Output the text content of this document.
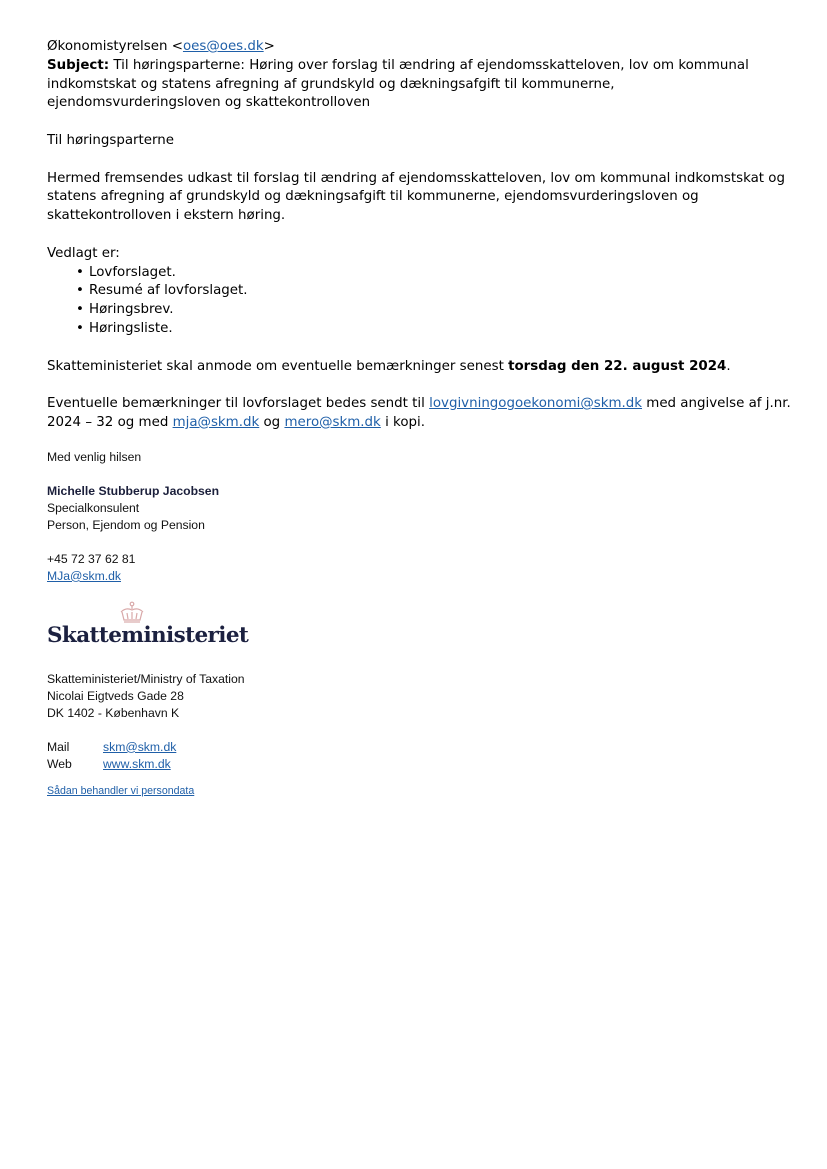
Økonomistyrelsen <oes@oes.dk>

Subject: Til høringsparterne: Høring over forslag til ændring af ejendomsskatteloven, lov om kommunal indkomstskat og statens afregning af grundskyld og dækningsafgift til kommunerne, ejendomsvurderingsloven og skattekontrolloven

Til høringsparterne

Hermed fremsendes udkast til forslag til ændring af ejendomsskatteloven, lov om kommunal indkomstskat og statens afregning af grundskyld og dækningsafgift til kommunerne, ejendomsvurderingsloven og skattekontrolloven i ekstern høring.

Vedlagt er:

• Lovforslaget.
• Resumé af lovforslaget.
• Høringsbrev.
• Høringsliste.

Skatteministeriet skal anmode om eventuelle bemærkninger senest torsdag den 22. august 2024.

Eventuelle bemærkninger til lovforslaget bedes sendt til lovgivningogoekonomi@skm.dk med angivelse af j.nr. 2024 – 32 og med mja@skm.dk og mero@skm.dk i kopi.

Med venlig hilsen

Michelle Stubberup Jacobsen

Specialkonsulent

Person, Ejendom og Pension

+45 72 37 62 81

MJa@skm.dk

Skatteministeriet

Skatteministeriet/Ministry of Taxation

Nicolai Eigtveds Gade 28

DK 1402 - København K

Mail	skm@skm.dk
Web	www.skm.dk

Sådan behandler vi persondata
